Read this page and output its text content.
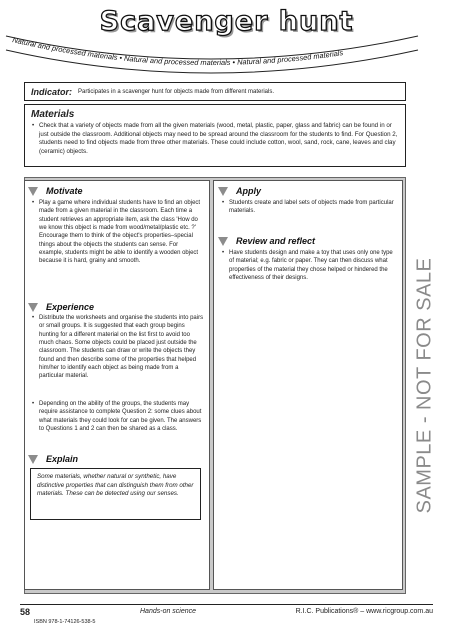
Scavenger hunt
Natural and processed materials • Natural and processed materials • Natural and processed materials
Indicator: Participates in a scavenger hunt for objects made from different materials.
Materials

• Check that a variety of objects made from all the given materials (wood, metal, plastic, paper, glass and fabric) can be found in or just outside the classroom. Additional objects may need to be spread around the classroom for the students to find. For Question 2, students need to find objects made from three other materials. These could include cotton, wool, sand, rock, cane, leaves and clay (ceramic) objects.

Motivate
• Play a game where individual students have to find an object made from a given material in the classroom. Each time a student retrieves an appropriate item, ask the class 'How do we know this object is made from wood/metal/plastic etc. ?' Encourage them to think of the object's properties–special things about the objects the students can sense. For example, students might be able to identify a wooden object because it is hard, grainy and smooth.
Experience
• Distribute the worksheets and organise the students into pairs or small groups. It is suggested that each group begins hunting for a different material on the list first to avoid too much chaos. Some objects could be placed just outside the classroom. The students can draw or write the objects they found and then describe some of the properties that helped him/her to identify each object as being made from a particular material.
• Depending on the ability of the groups, the students may require assistance to complete Question 2: some clues about what materials they could look for can be given. The answers to Questions 1 and 2 can then be shared as a class.
Explain
Some materials, whether natural or synthetic, have distinctive properties that can distinguish them from other materials. These can be detected using our senses.
Apply
• Students create and label sets of objects made from particular materials.
Review and reflect
• Have students design and make a toy that uses only one type of material; e.g. fabric or paper. They can then discuss what properties of the material they chose helped or hindered the effectiveness of their designs.	SAMPLE - NOT FOR SALE
58	Hands-on science	R.I.C. Publications® – www.ricgroup.com.au
ISBN 978-1-74126-538-5
